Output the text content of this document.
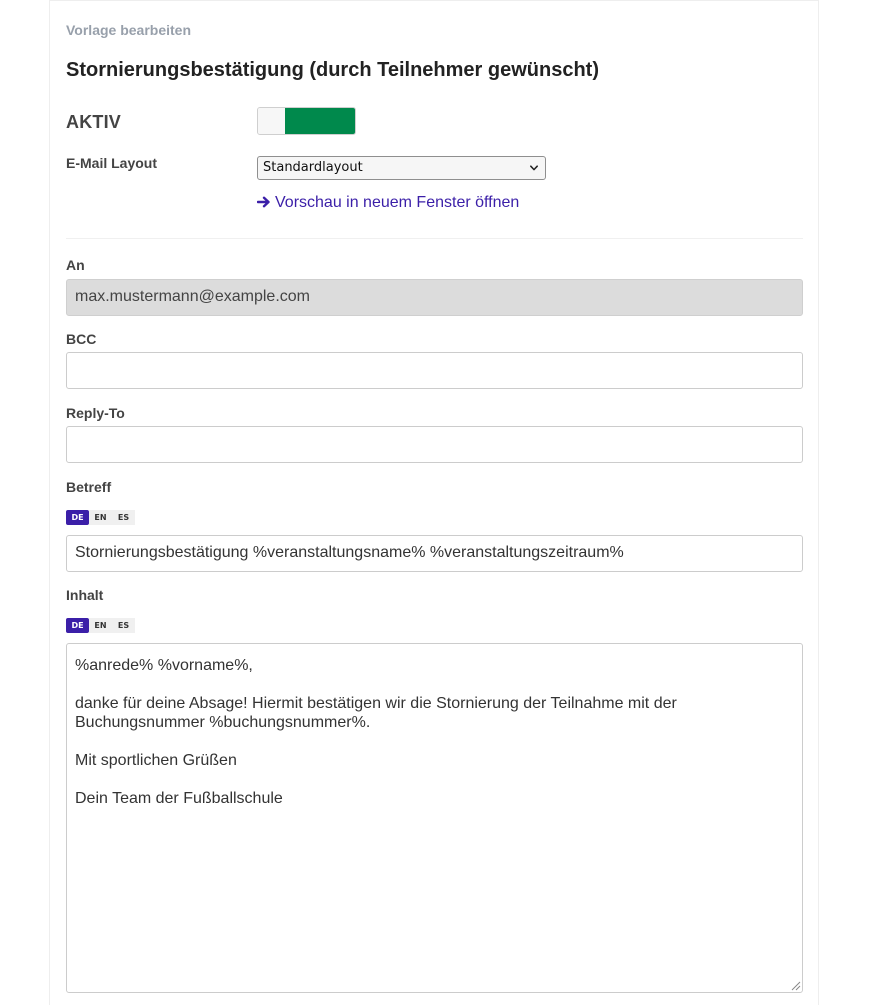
Vorlage bearbeiten
Stornierungsbestätigung (durch Teilnehmer gewünscht)
AKTIV
E-Mail Layout	Standardlayout
Vorschau in neuem Fenster öffnen
An
max.mustermann@example.com
BCC
Reply-To
Betreff
DE	EN	ES
Stornierungsbestätigung %veranstaltungsname% %veranstaltungszeitraum%
Inhalt
DE	EN	ES

%anrede% %vorname%,

danke für deine Absage! Hiermit bestätigen wir die Stornierung der Teilnahme mit der

Buchungsnummer %buchungsnummer%.

Mit sportlichen Grüßen

Dein Team der Fußballschule
